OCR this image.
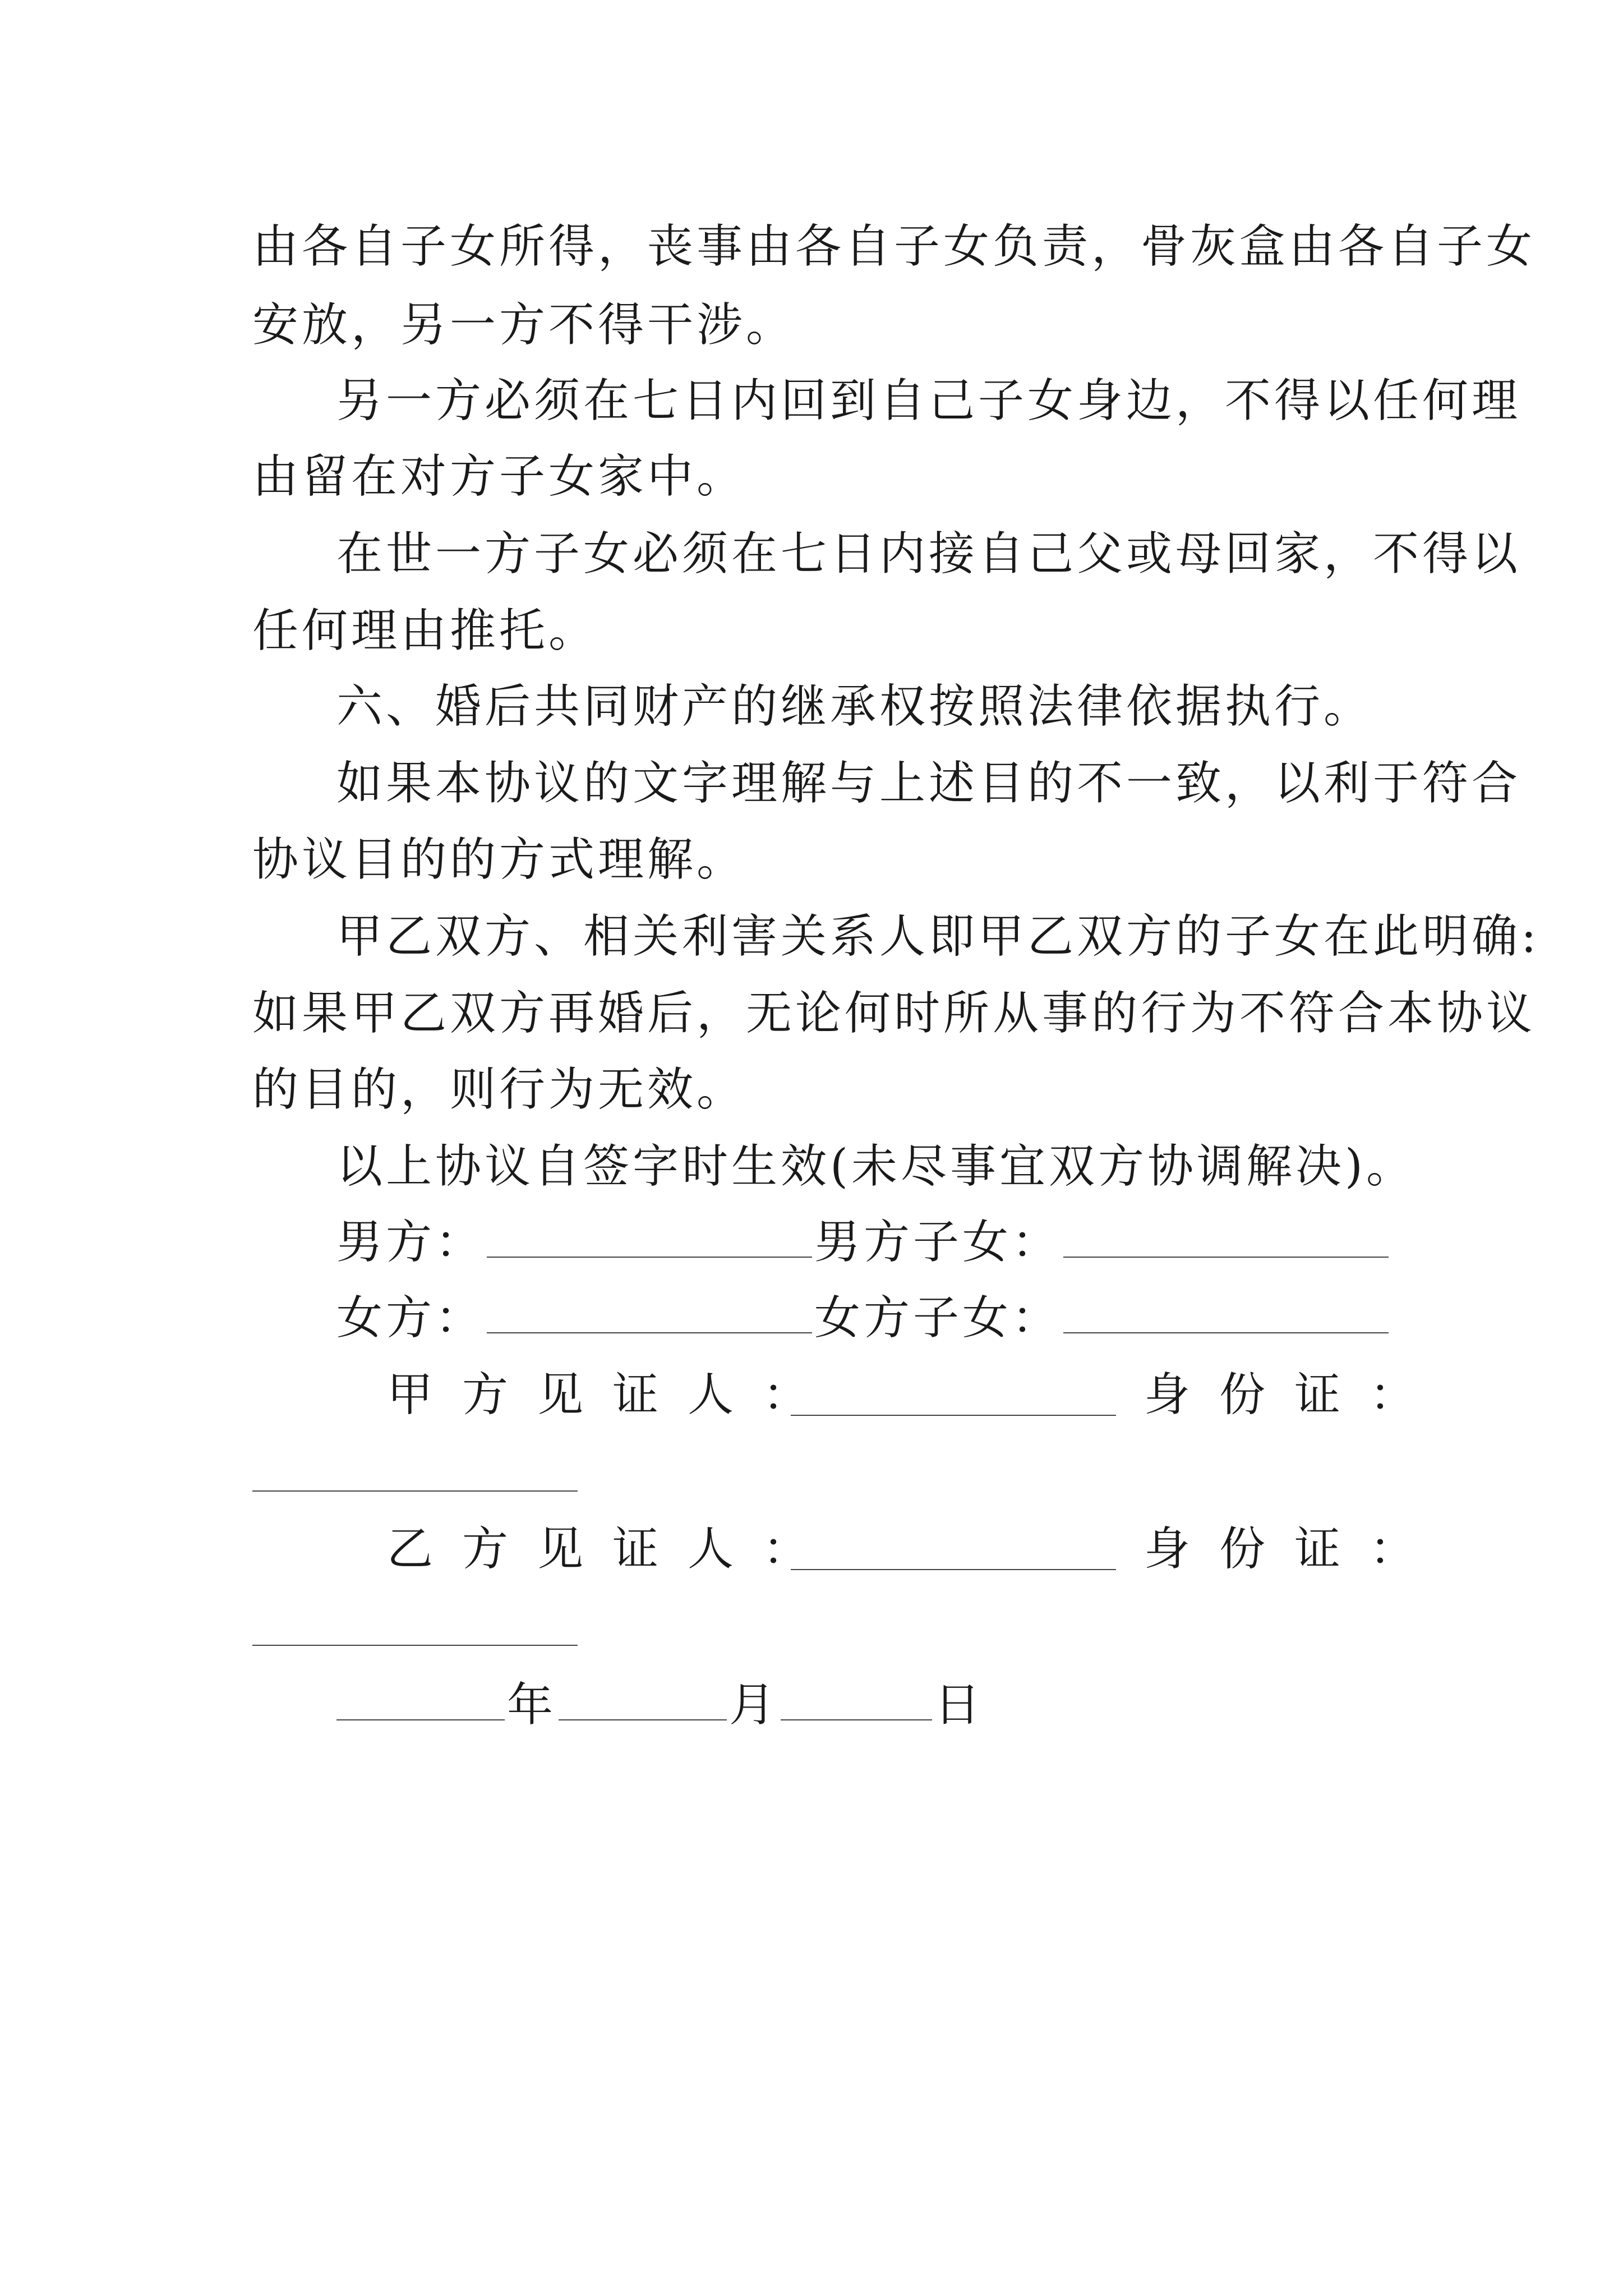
由各自子女所得，丧事由各自子女负责，骨灰盒由各自子女
安放，另一方不得干涉。
另一方必须在七日内回到自己子女身边，不得以任何理
由留在对方子女家中。
在世一方子女必须在七日内接自己父或母回家，不得以
任何理由推托。
六、婚后共同财产的继承权按照法律依据执行。
如果本协议的文字理解与上述目的不一致，以利于符合
协议目的的方式理解。
甲乙双方、相关利害关系人即甲乙双方的子女在此明确:
如果甲乙双方再婚后，无论何时所从事的行为不符合本协议
的目的，则行为无效。
以上协议自签字时生效(未尽事宜双方协调解决)。
男方：	男方子女：
女方：	女方子女：
甲方见证人：	身份证：
乙方见证人：	身份证：
年	月	日
